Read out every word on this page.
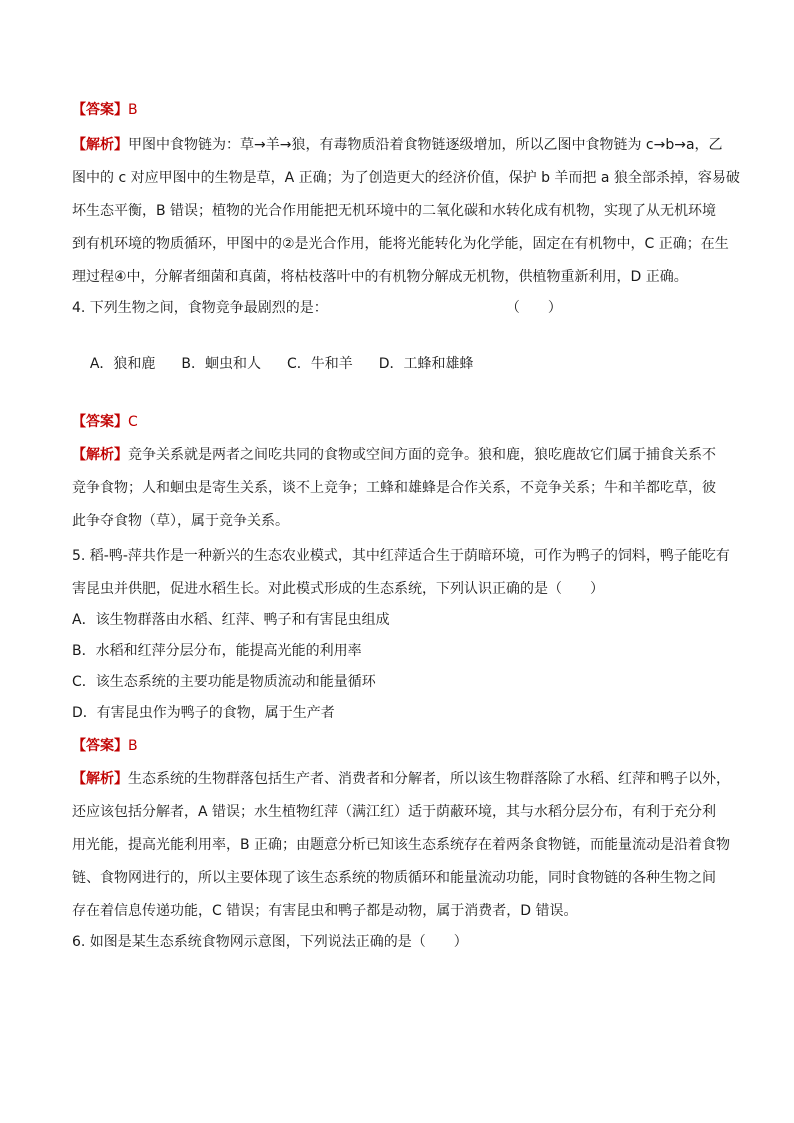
【答案】B

【解析】甲图中食物链为：草→羊→狼，有毒物质沿着食物链逐级增加，所以乙图中食物链为 c→b→a，乙
图中的 c 对应甲图中的生物是草，A 正确；为了创造更大的经济价值，保护 b 羊而把 a 狼全部杀掉，容易破
坏生态平衡，B 错误；植物的光合作用能把无机环境中的二氧化碳和水转化成有机物，实现了从无机环境
到有机环境的物质循环，甲图中的②是光合作用，能将光能转化为化学能，固定在有机物中，C 正确；在生
理过程④中，分解者细菌和真菌，将枯枝落叶中的有机物分解成无机物，供植物重新利用，D 正确。
4. 下列生物之间，食物竞争最剧烈的是：                                        （　　）

A．狼和鹿 B．蛔虫和人 C．牛和羊 D．工蜂和雄蜂

【答案】C

【解析】竞争关系就是两者之间吃共同的食物或空间方面的竞争。狼和鹿，狼吃鹿故它们属于捕食关系不
竞争食物；人和蛔虫是寄生关系，谈不上竞争；工蜂和雄蜂是合作关系，不竞争关系；牛和羊都吃草，彼
此争夺食物（草），属于竞争关系。
5. 稻-鸭-萍共作是一种新兴的生态农业模式，其中红萍适合生于荫暗环境，可作为鸭子的饲料，鸭子能吃有
害昆虫并供肥，促进水稻生长。对此模式形成的生态系统，下列认识正确的是（　　）
A．该生物群落由水稻、红萍、鸭子和有害昆虫组成
B．水稻和红萍分层分布，能提高光能的利用率
C．该生态系统的主要功能是物质流动和能量循环
D．有害昆虫作为鸭子的食物，属于生产者

【答案】B

【解析】生态系统的生物群落包括生产者、消费者和分解者，所以该生物群落除了水稻、红萍和鸭子以外，
还应该包括分解者，A 错误；水生植物红萍（满江红）适于荫蔽环境，其与水稻分层分布，有利于充分利
用光能，提高光能利用率，B 正确；由题意分析已知该生态系统存在着两条食物链，而能量流动是沿着食物
链、食物网进行的，所以主要体现了该生态系统的物质循环和能量流动功能，同时食物链的各种生物之间
存在着信息传递功能，C 错误；有害昆虫和鸭子都是动物，属于消费者，D 错误。
6. 如图是某生态系统食物网示意图，下列说法正确的是（　　）
